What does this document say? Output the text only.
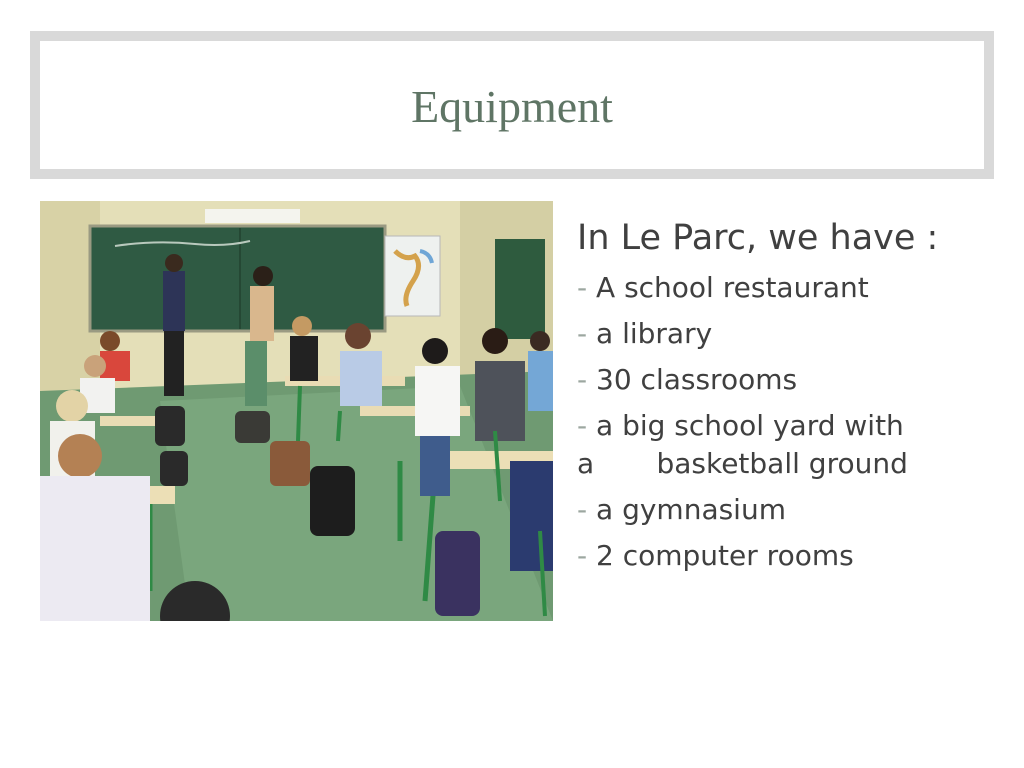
Equipment
In Le Parc, we have :
- A school restaurant
- a library
- 30 classrooms
- a big school yard with
a       basketball ground
- a gymnasium
- 2 computer rooms
